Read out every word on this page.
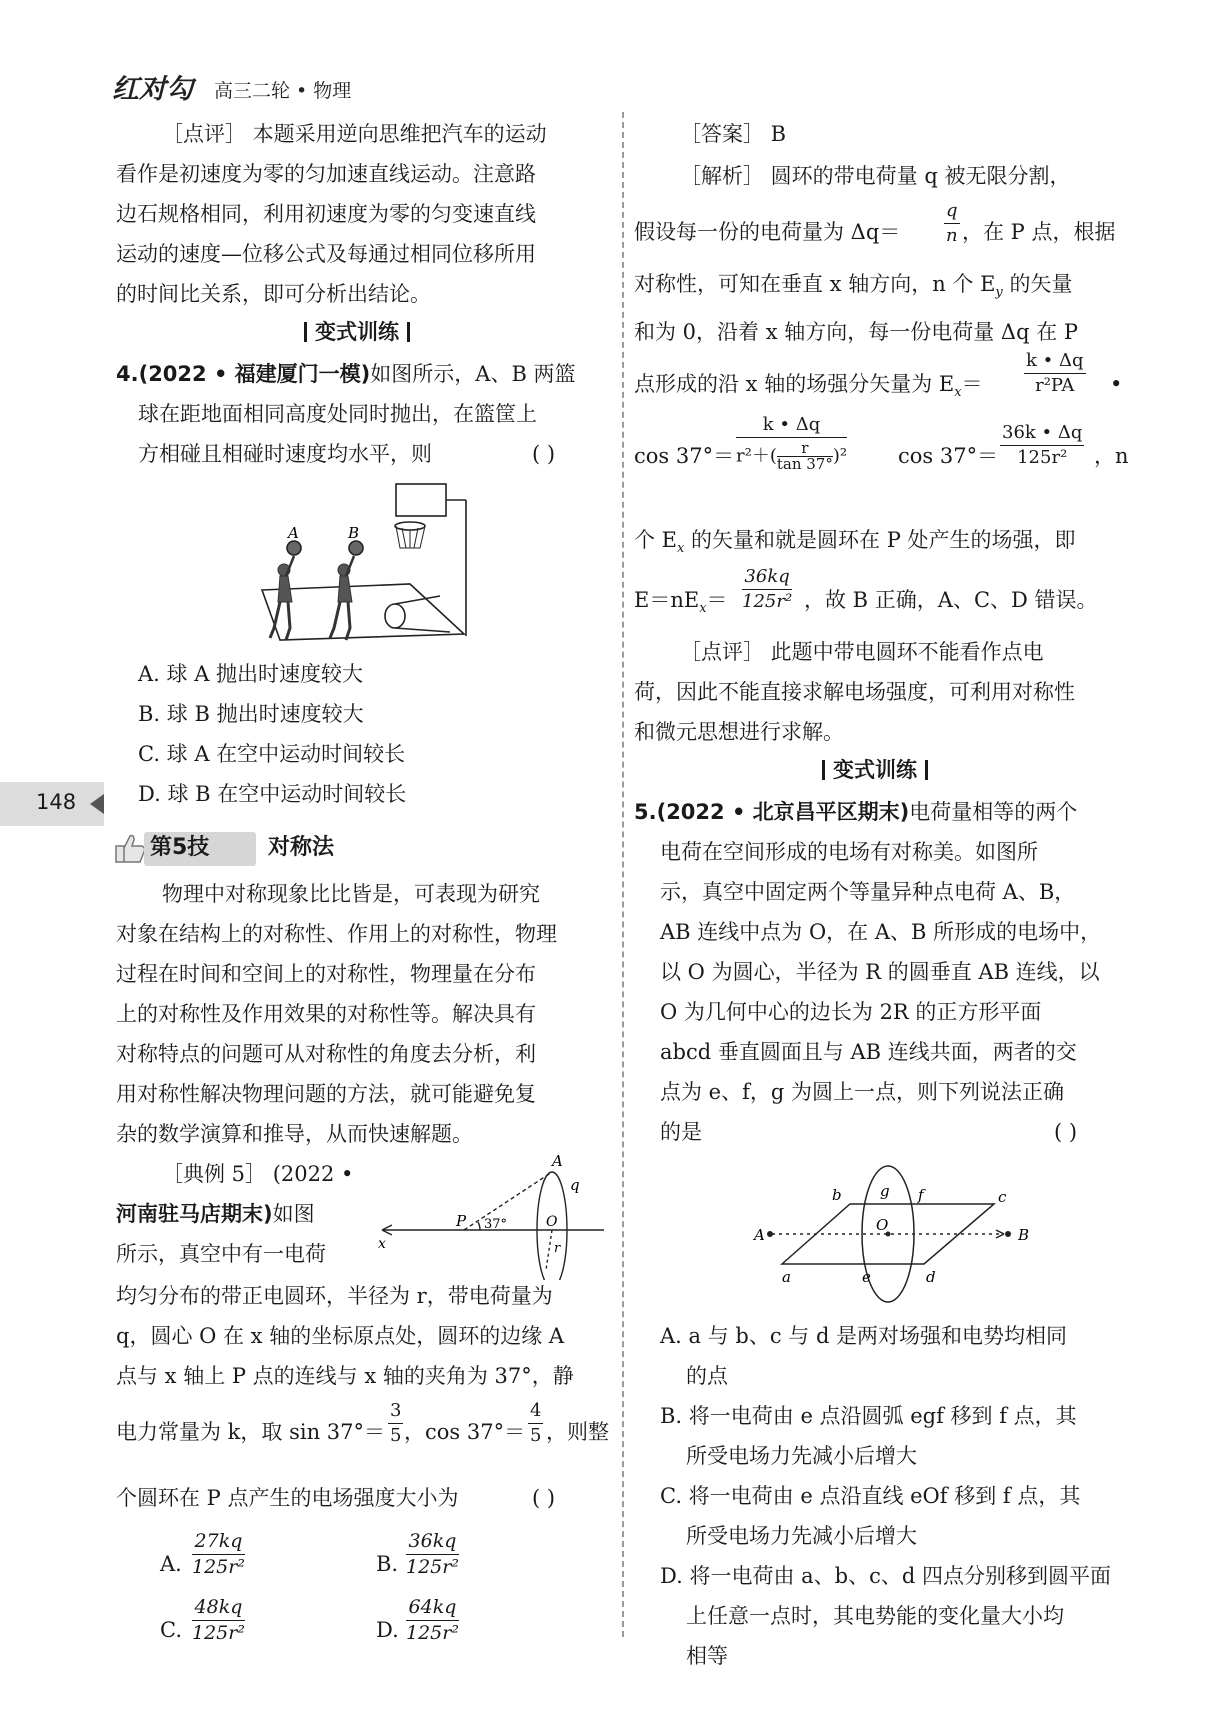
红对勾 高三二轮 • 物理
148
［点评］ 本题采用逆向思维把汽车的运动
看作是初速度为零的匀加速直线运动。注意路
边石规格相同，利用初速度为零的匀变速直线
运动的速度—位移公式及每通过相同位移所用
的时间比关系，即可分析出结论。
变式训练
4.(2022 • 福建厦门一模)如图所示，A、B 两篮
球在距地面相同高度处同时抛出，在篮筐上
方相碰且相碰时速度均水平，则	( )
A	B
A. 球 A 抛出时速度较大
B. 球 B 抛出时速度较大
C. 球 A 在空中运动时间较长
D. 球 B 在空中运动时间较长
第5技	对称法
物理中对称现象比比皆是，可表现为研究
对象在结构上的对称性、作用上的对称性，物理
过程在时间和空间上的对称性，物理量在分布
上的对称性及作用效果的对称性等。解决具有
对称特点的问题可从对称性的角度去分析，利
用对称性解决物理问题的方法，就可能避免复
杂的数学演算和推导，从而快速解题。
［典例 5］ (2022 •
河南驻马店期末)如图
所示，真空中有一电荷
A
q
P 37°	O
x	r
均匀分布的带正电圆环，半径为 r，带电荷量为
q，圆心 O 在 x 轴的坐标原点处，圆环的边缘 A
点与 x 轴上 P 点的连线与 x 轴的夹角为 37°，静
电力常量为 k，取 $\sin 37^\circ= \frac{3}{5}$ ，$\cos 37^\circ= \frac{4}{5}$ ，则整
个圆环在 P 点产生的电场强度大小为	( )
A. $\frac{27kq}{\text{125r²}}$	B. $\frac{36kq}{\text{125r²}}$
C. $\frac{48kq}{\text{125r²}}$	D. $\frac{64kq}{\text{125r²}}$
［答案］ B
［解析］ 圆环的带电荷量 q 被无限分割，
假设每一份的电荷量为 $\Delta q= \frac{q}{n}$ ，在 P 点，根据
对称性，可知在垂直 x 轴方向，n 个 $E_y$ 的矢量
和为 0，沿着 x 轴方向，每一份电荷量 Δq 在 P
点形成的沿 x 轴的场强分矢量为 $E_x= \frac{k • \Delta q}{\text{r²PA}}$ •
$\cos 37^\circ= \frac{k • \Delta q}{r^2+( \frac{r}{\tan 37^\circ} )^2}$ $\cos 37^\circ= \frac{36k • \Delta q}{\text{125r²}}$ ，n
个 $E_x$ 的矢量和就是圆环在 P 处产生的场强，即
$E=nE_x= \frac{36kq}{\text{125r²}}$ ，故 B 正确，A、C、D 错误。
［点评］ 此题中带电圆环不能看作点电
荷，因此不能直接求解电场强度，可利用对称性
和微元思想进行求解。
变式训练
5.(2022 • 北京昌平区期末)电荷量相等的两个
电荷在空间形成的电场有对称美。如图所
示，真空中固定两个等量异种点电荷 A、B，
AB 连线中点为 O，在 A、B 所形成的电场中，
以 O 为圆心，半径为 R 的圆垂直 AB 连线，以
O 为几何中心的边长为 2R 的正方形平面
abcd 垂直圆面且与 AB 连线共面，两者的交
点为 e、f，g 为圆上一点，则下列说法正确
的是	( )
A	B
a
b	c
d
e
f
g
O
A. a 与 b、c 与 d 是两对场强和电势均相同
的点
B. 将一电荷由 e 点沿圆弧 egf 移到 f 点，其
所受电场力先减小后增大
C. 将一电荷由 e 点沿直线 eOf 移到 f 点，其
所受电场力先减小后增大
D. 将一电荷由 a、b、c、d 四点分别移到圆平面
上任意一点时，其电势能的变化量大小均
相等
